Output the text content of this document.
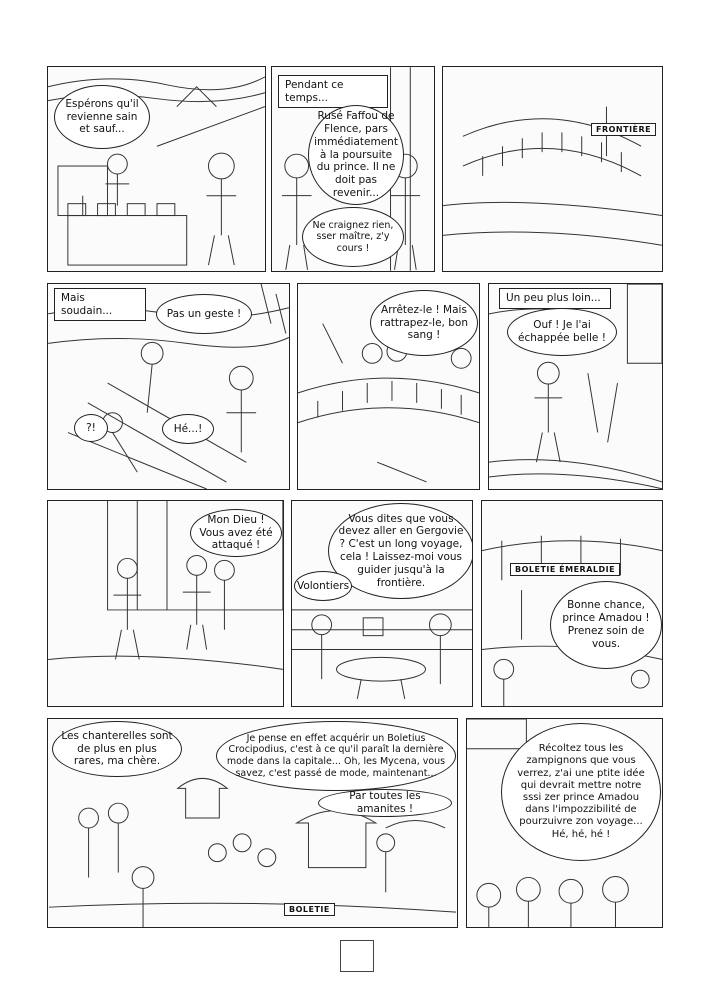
Espérons qu'il revienne sain et sauf...
Pendant ce temps...
Rusé Faffou de Flence, pars immédiatement à la poursuite du prince. Il ne doit pas revenir...
Ne craignez rien, sser maître, z'y cours !
FRONTIÈRE
Mais soudain...	Pas un geste !
?!	Hé...!
Arrêtez-le ! Mais rattrapez-le, bon sang !
Un peu plus loin...
Ouf ! Je l'ai échappée belle !
Mon Dieu ! Vous avez été attaqué !
Vous dites que vous devez aller en Gergovie ? C'est un long voyage, cela ! Laissez-moi vous guider jusqu'à la frontière.
Volontiers
BOLETIE ÉMERALDIE
Bonne chance, prince Amadou ! Prenez soin de vous.
Les chanterelles sont de plus en plus rares, ma chère.
Je pense en effet acquérir un Boletius Crocipodius, c'est à ce qu'il paraît la dernière mode dans la capitale... Oh, les Mycena, vous savez, c'est passé de mode, maintenant...
Par toutes les amanites !
BOLETIE
Récoltez tous les zampignons que vous verrez, z'ai une ptite idée qui devrait mettre notre sssi zer prince Amadou dans l'impozzibilité de pourzuivre zon voyage... Hé, hé, hé !
